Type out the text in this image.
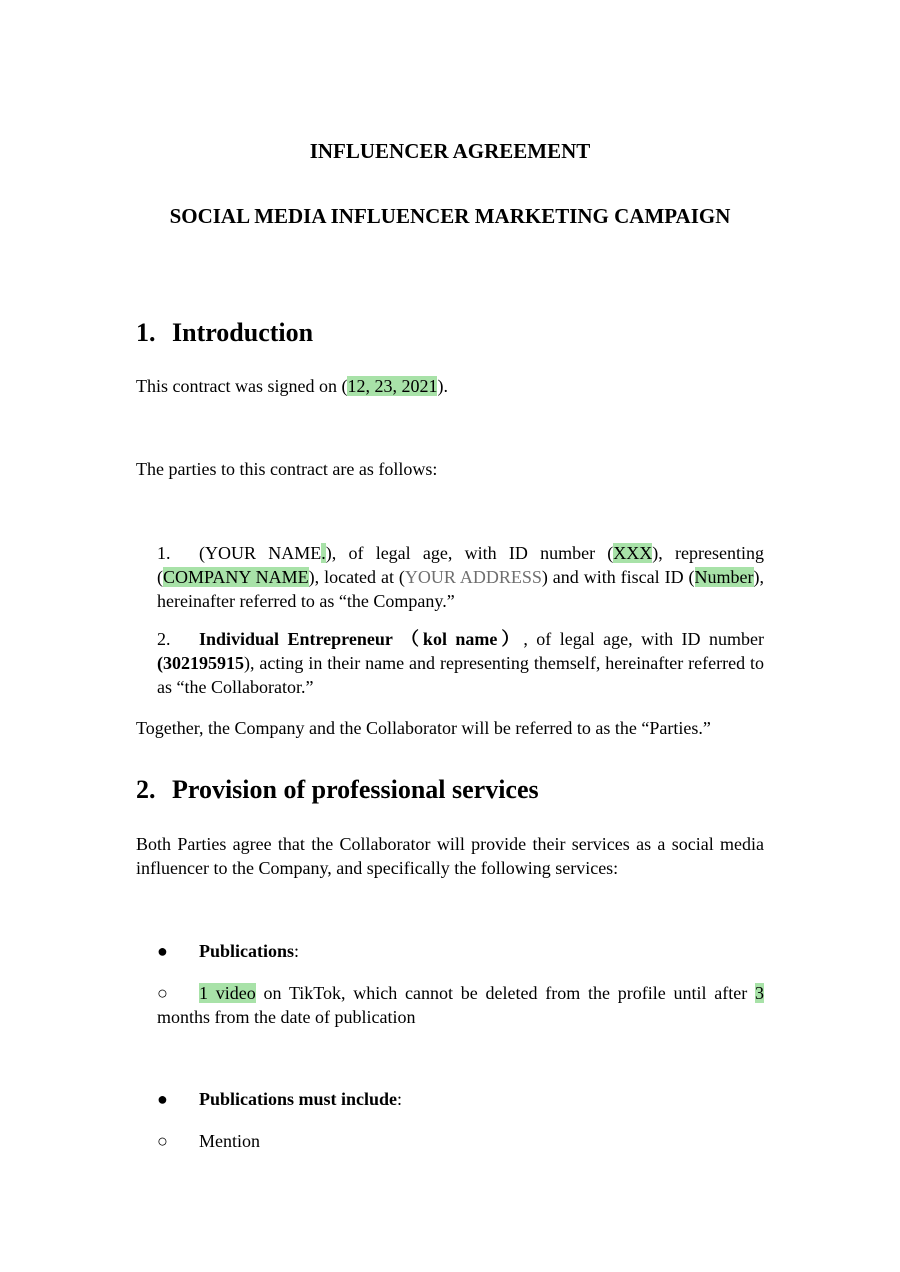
INFLUENCER AGREEMENT
SOCIAL MEDIA INFLUENCER MARKETING CAMPAIGN
1. Introduction
This contract was signed on (12, 23, 2021).
The parties to this contract are as follows:
1. (YOUR NAME.), of legal age, with ID number (XXX), representing (COMPANY NAME), located at (YOUR ADDRESS) and with fiscal ID (Number), hereinafter referred to as “the Company.”
2. Individual Entrepreneur （kol name）, of legal age, with ID number (302195915), acting in their name and representing themself, hereinafter referred to as “the Collaborator.”
Together, the Company and the Collaborator will be referred to as the “Parties.”
2. Provision of professional services
Both Parties agree that the Collaborator will provide their services as a social media influencer to the Company, and specifically the following services:
● Publications:
○ 1 video on TikTok, which cannot be deleted from the profile until after 3 months from the date of publication
● Publications must include:
○ Mention
